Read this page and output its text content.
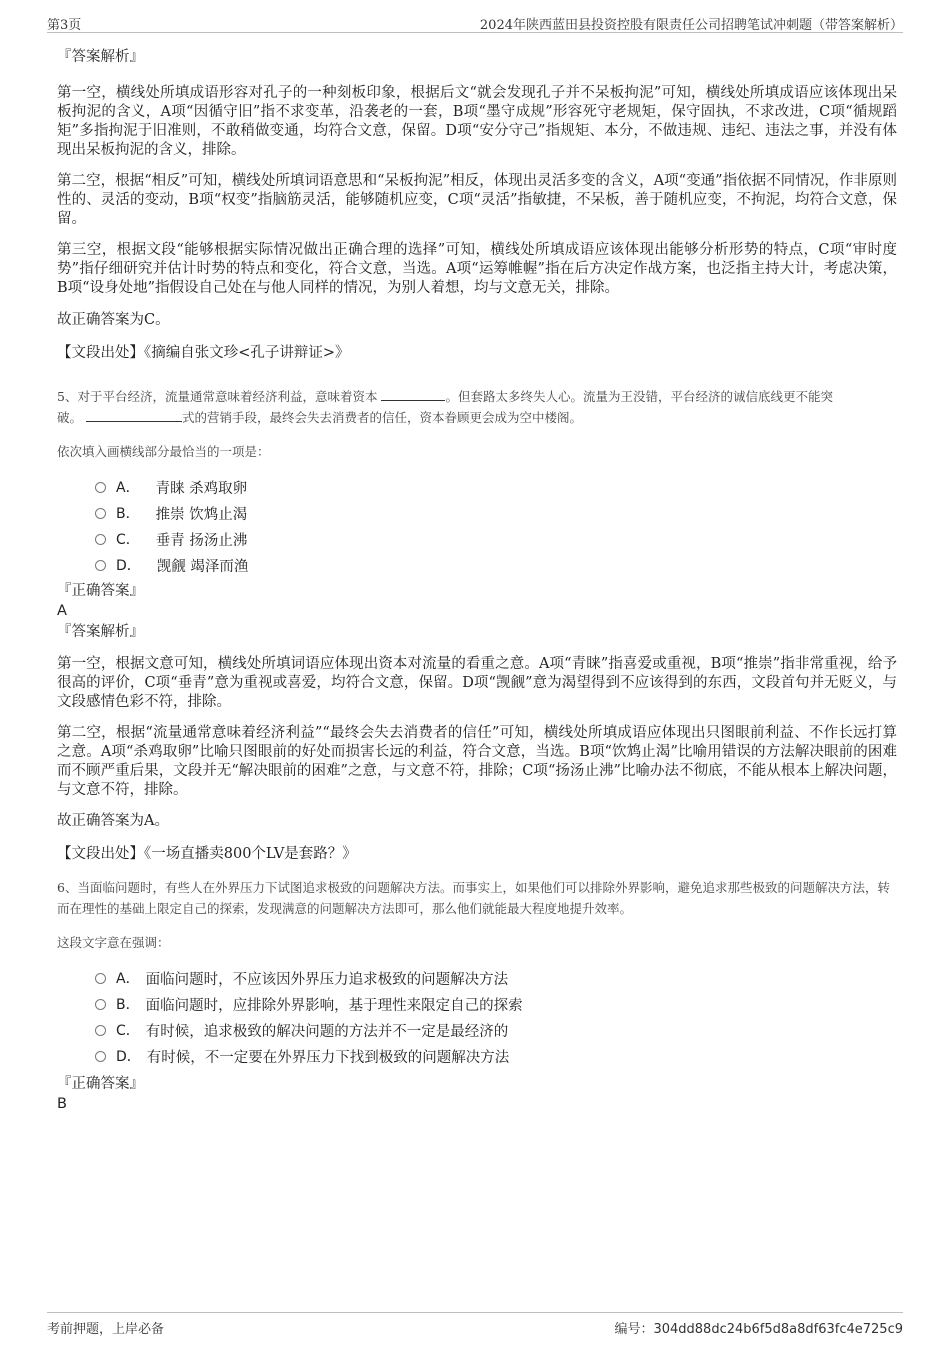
第3页	2024年陕西蓝田县投资控股有限责任公司招聘笔试冲刺题（带答案解析）

『答案解析』

第一空，横线处所填成语形容对孔子的一种刻板印象，根据后文“就会发现孔子并不呆板拘泥”可知，横线处所填成语应该体现出呆板拘泥的含义，A项“因循守旧”指不求变革，沿袭老的一套，B项“墨守成规”形容死守老规矩，保守固执，不求改进，C项“循规蹈矩”多指拘泥于旧准则，不敢稍做变通，均符合文意，保留。D项“安分守己”指规矩、本分，不做违规、违纪、违法之事，并没有体现出呆板拘泥的含义，排除。

第二空，根据“相反”可知，横线处所填词语意思和“呆板拘泥”相反，体现出灵活多变的含义，A项“变通”指依据不同情况，作非原则性的、灵活的变动，B项“权变”指脑筋灵活，能够随机应变，C项“灵活”指敏捷，不呆板，善于随机应变，不拘泥，均符合文意，保留。

第三空，根据文段“能够根据实际情况做出正确合理的选择”可知，横线处所填成语应该体现出能够分析形势的特点，C项“审时度势”指仔细研究并估计时势的特点和变化，符合文意，当选。A项“运筹帷幄”指在后方决定作战方案，也泛指主持大计，考虑决策，B项“设身处地”指假设自己处在与他人同样的情况，为别人着想，均与文意无关，排除。

故正确答案为C。

【文段出处】《摘编自张文珍<孔子讲辩证>》

5、对于平台经济，流量通常意味着经济利益，意味着资本	。但套路太多终失人心。流量为王没错，平台经济的诚信底线更不能突
破。	式的营销手段，最终会失去消费者的信任，资本眷顾更会成为空中楼阁。

依次填入画横线部分最恰当的一项是：

A． 青睐 杀鸡取卵
B． 推崇 饮鸩止渴
C． 垂青 扬汤止沸
D． 觊觎 竭泽而渔

『正确答案』

A

『答案解析』

第一空，根据文意可知，横线处所填词语应体现出资本对流量的看重之意。A项“青睐”指喜爱或重视，B项“推崇”指非常重视，给予很高的评价，C项“垂青”意为重视或喜爱，均符合文意，保留。D项“觊觎”意为渴望得到不应该得到的东西，文段首句并无贬义，与文段感情色彩不符，排除。

第二空，根据“流量通常意味着经济利益”“最终会失去消费者的信任”可知，横线处所填成语应体现出只图眼前利益、不作长远打算之意。A项“杀鸡取卵”比喻只图眼前的好处而损害长远的利益，符合文意，当选。B项“饮鸩止渴”比喻用错误的方法解决眼前的困难而不顾严重后果，文段并无“解决眼前的困难”之意，与文意不符，排除；C项“扬汤止沸”比喻办法不彻底，不能从根本上解决问题，与文意不符，排除。

故正确答案为A。

【文段出处】《一场直播卖800个LV是套路？》

6、当面临问题时，有些人在外界压力下试图追求极致的问题解决方法。而事实上，如果他们可以排除外界影响，避免追求那些极致的问题解决方法，转而在理性的基础上限定自己的探索，发现满意的问题解决方法即可，那么他们就能最大程度地提升效率。

这段文字意在强调：

A． 面临问题时，不应该因外界压力追求极致的问题解决方法
B． 面临问题时，应排除外界影响，基于理性来限定自己的探索
C． 有时候，追求极致的解决问题的方法并不一定是最经济的
D． 有时候，不一定要在外界压力下找到极致的问题解决方法

『正确答案』

B

考前押题，上岸必备	编号：304dd88dc24b6f5d8a8df63fc4e725c9
